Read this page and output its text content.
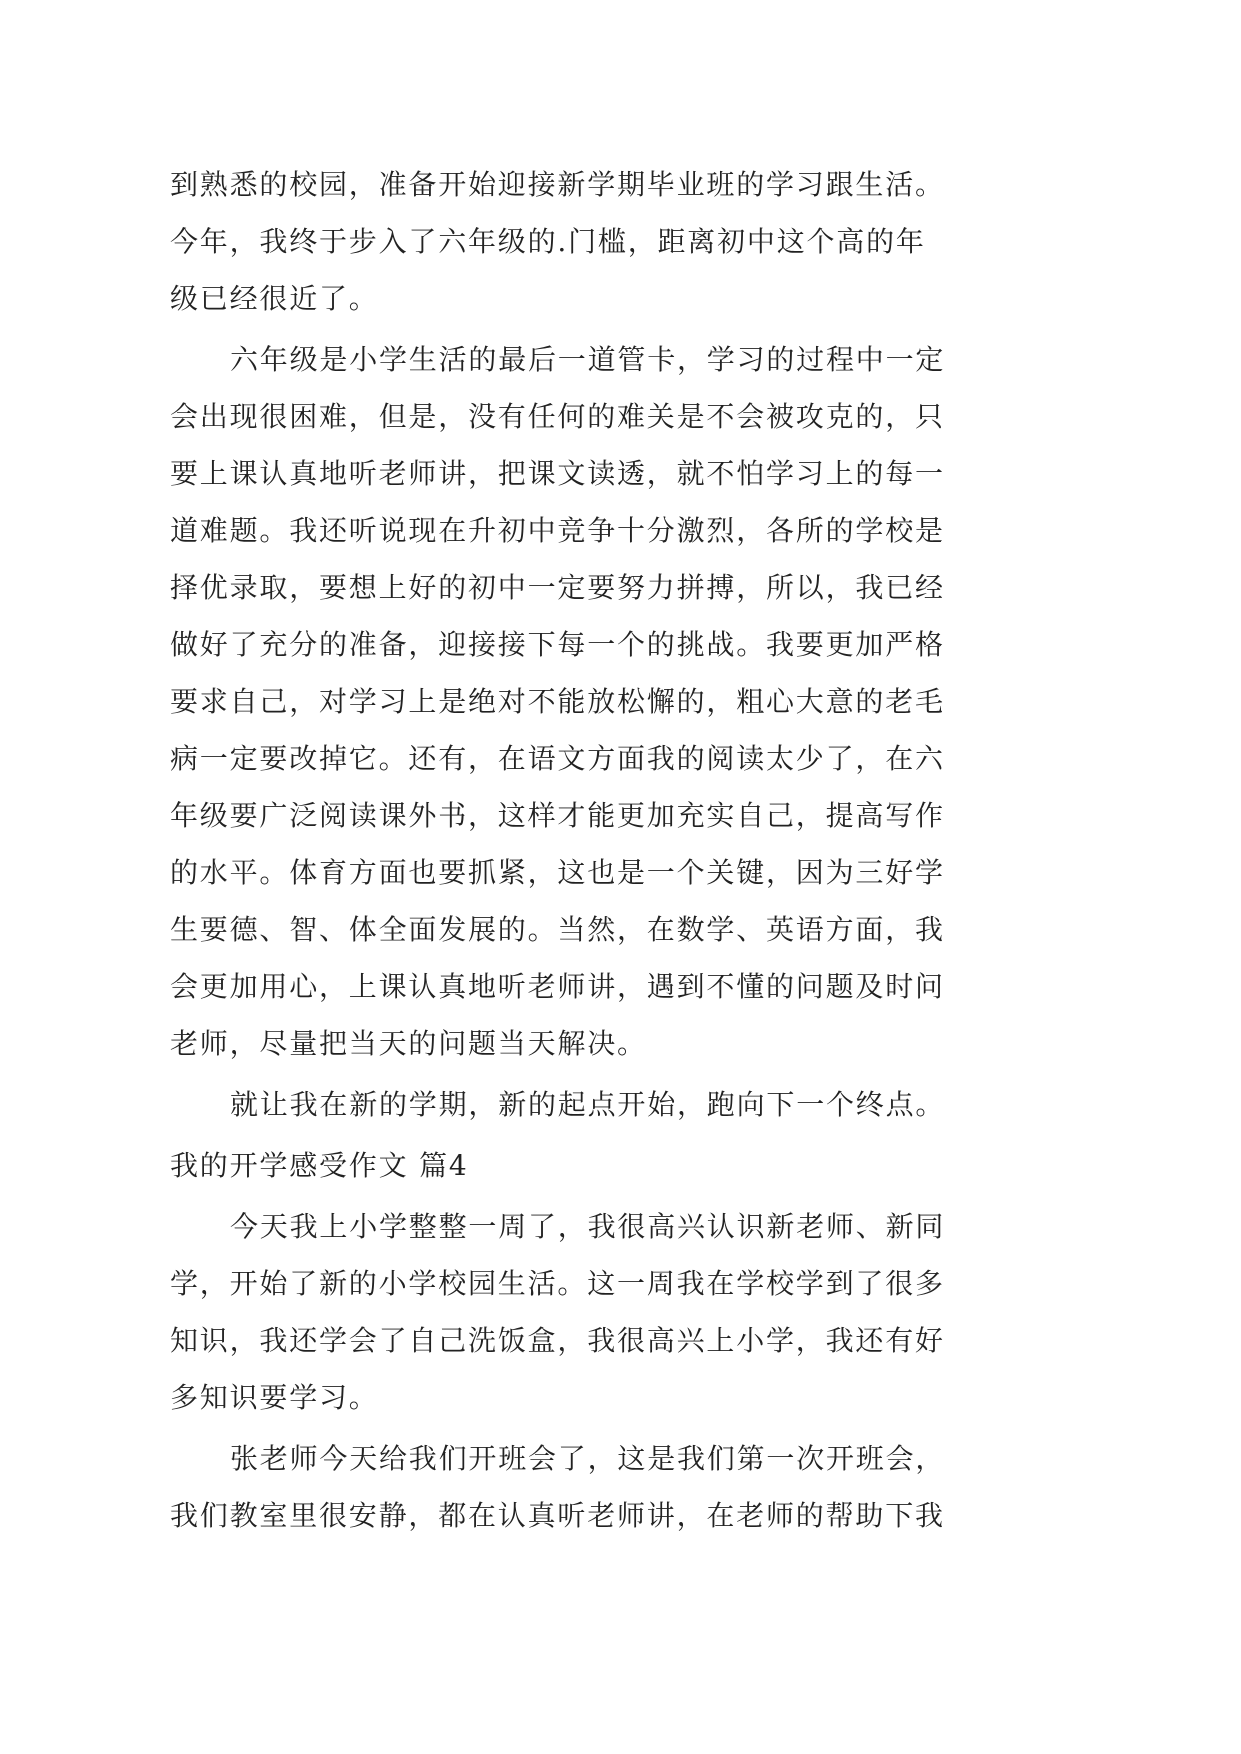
到熟悉的校园，准备开始迎接新学期毕业班的学习跟生活。
今年，我终于步入了六年级的.门槛，距离初中这个高的年
级已经很近了。
六年级是小学生活的最后一道管卡，学习的过程中一定
会出现很困难，但是，没有任何的难关是不会被攻克的，只
要上课认真地听老师讲，把课文读透，就不怕学习上的每一
道难题。我还听说现在升初中竞争十分激烈，各所的学校是
择优录取，要想上好的初中一定要努力拼搏，所以，我已经
做好了充分的准备，迎接接下每一个的挑战。我要更加严格
要求自己，对学习上是绝对不能放松懈的，粗心大意的老毛
病一定要改掉它。还有，在语文方面我的阅读太少了，在六
年级要广泛阅读课外书，这样才能更加充实自己，提高写作
的水平。体育方面也要抓紧，这也是一个关键，因为三好学
生要德、智、体全面发展的。当然，在数学、英语方面，我
会更加用心，上课认真地听老师讲，遇到不懂的问题及时问
老师，尽量把当天的问题当天解决。
就让我在新的学期，新的起点开始，跑向下一个终点。
我的开学感受作文 篇4
今天我上小学整整一周了，我很高兴认识新老师、新同
学，开始了新的小学校园生活。这一周我在学校学到了很多
知识，我还学会了自己洗饭盒，我很高兴上小学，我还有好
多知识要学习。
张老师今天给我们开班会了，这是我们第一次开班会，
我们教室里很安静，都在认真听老师讲，在老师的帮助下我
